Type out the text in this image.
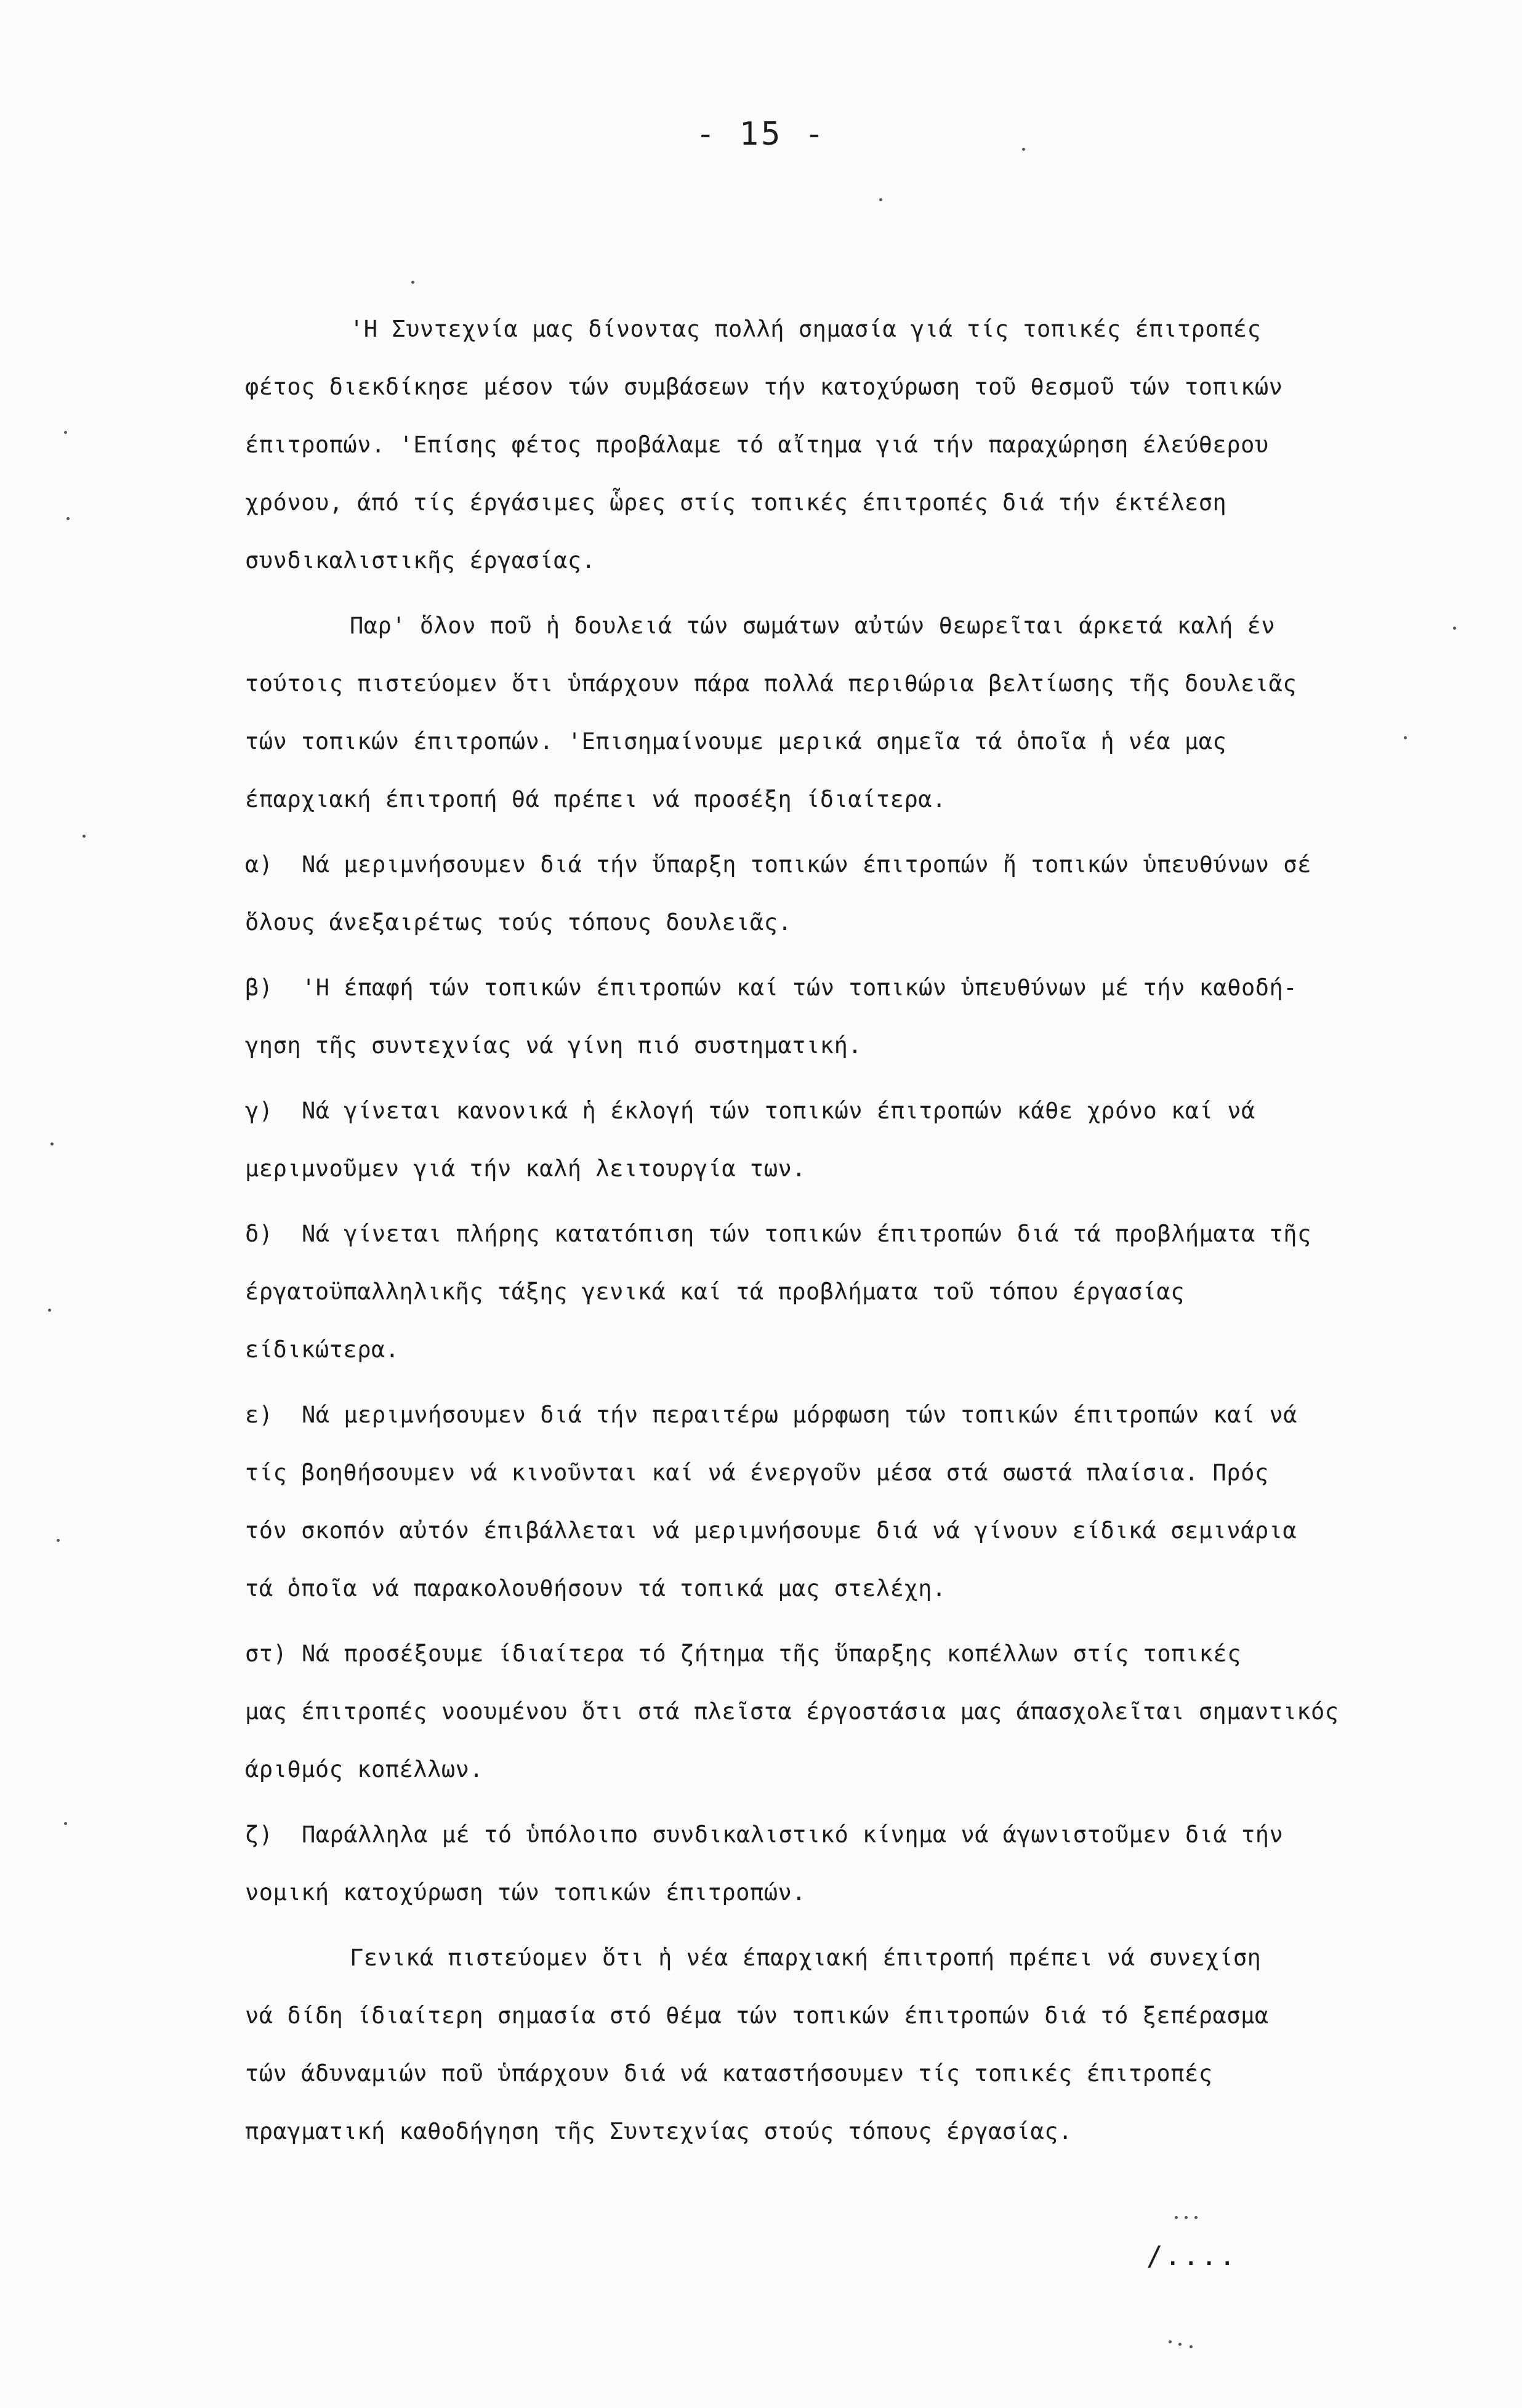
- 15 -
'Η Συντεχνία μας δίνοντας πολλή σημασία γιά τίς τοπικές έπιτροπές
φέτος διεκδίκησε μέσον τών συμβάσεων τήν κατοχύρωση τοῦ θεσμοῦ τών τοπικών
έπιτροπών. 'Επίσης φέτος προβάλαμε τό αἴτημα γιά τήν παραχώρηση έλεύθερου
χρόνου, άπό τίς έργάσιμες ὧρες στίς τοπικές έπιτροπές διά τήν έκτέλεση
συνδικαλιστικῆς έργασίας.
Παρ' ὅλον ποῦ ἡ δουλειά τών σωμάτων αὐτών θεωρεῖται άρκετά καλή έν
τούτοις πιστεύομεν ὅτι ὑπάρχουν πάρα πολλά περιθώρια βελτίωσης τῆς δουλειᾶς
τών τοπικών έπιτροπών. 'Επισημαίνουμε μερικά σημεῖα τά ὁποῖα ἡ νέα μας
έπαρχιακή έπιτροπή θά πρέπει νά προσέξη ίδιαίτερα.
α) Νά μεριμνήσουμεν διά τήν ὕπαρξη τοπικών έπιτροπών ἤ τοπικών ὑπευθύνων σέ
ὅλους άνεξαιρέτως τούς τόπους δουλειᾶς.
β) 'Η έπαφή τών τοπικών έπιτροπών καί τών τοπικών ὑπευθύνων μέ τήν καθοδή-
γηση τῆς συντεχνίας νά γίνη πιό συστηματική.
γ) Νά γίνεται κανονικά ἡ έκλογή τών τοπικών έπιτροπών κάθε χρόνο καί νά
μεριμνοῦμεν γιά τήν καλή λειτουργία των.
δ) Νά γίνεται πλήρης κατατόπιση τών τοπικών έπιτροπών διά τά προβλήματα τῆς
έργατοϋπαλληλικῆς τάξης γενικά καί τά προβλήματα τοῦ τόπου έργασίας
είδικώτερα.
ε) Νά μεριμνήσουμεν διά τήν περαιτέρω μόρφωση τών τοπικών έπιτροπών καί νά
τίς βοηθήσουμεν νά κινοῦνται καί νά ένεργοῦν μέσα στά σωστά πλαίσια. Πρός
τόν σκοπόν αὐτόν έπιβάλλεται νά μεριμνήσουμε διά νά γίνουν είδικά σεμινάρια
τά ὁποῖα νά παρακολουθήσουν τά τοπικά μας στελέχη.
στ) Νά προσέξουμε ίδιαίτερα τό ζήτημα τῆς ὕπαρξης κοπέλλων στίς τοπικές
μας έπιτροπές νοουμένου ὅτι στά πλεῖστα έργοστάσια μας άπασχολεῖται σημαντικός
άριθμός κοπέλλων.
ζ) Παράλληλα μέ τό ὑπόλοιπο συνδικαλιστικό κίνημα νά άγωνιστοῦμεν διά τήν
νομική κατοχύρωση τών τοπικών έπιτροπών.
Γενικά πιστεύομεν ὅτι ἡ νέα έπαρχιακή έπιτροπή πρέπει νά συνεχίση
νά δίδη ίδιαίτερη σημασία στό θέμα τών τοπικών έπιτροπών διά τό ξεπέρασμα
τών άδυναμιών ποῦ ὑπάρχουν διά νά καταστήσουμεν τίς τοπικές έπιτροπές
πραγματική καθοδήγηση τῆς Συντεχνίας στούς τόπους έργασίας.
/....
